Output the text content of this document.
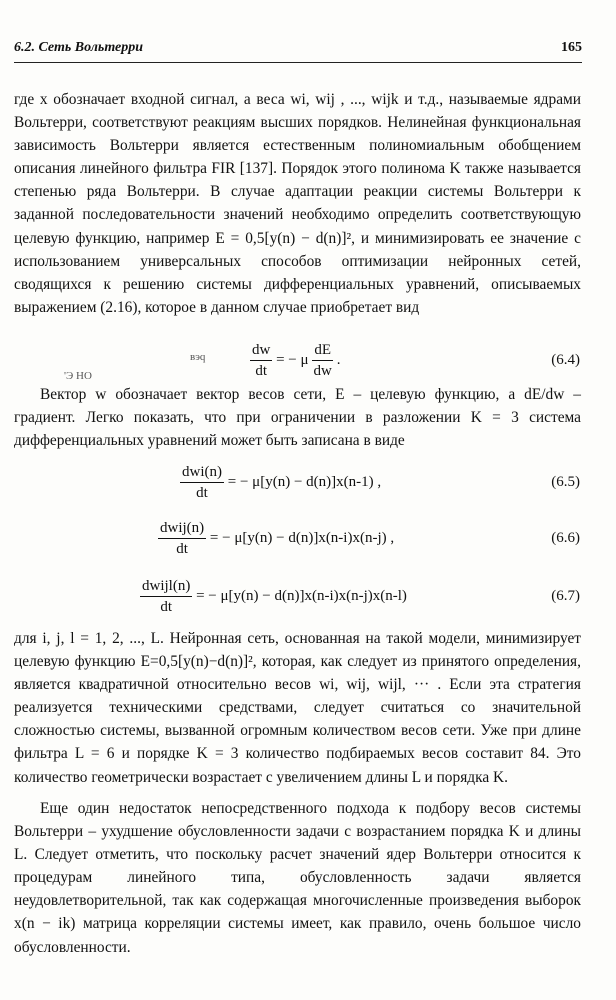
6.2. Сеть Вольтерри	165
где x обозначает входной сигнал, а веса wi, wij , ..., wijk и т.д., называемые ядрами Вольтерри, соответствуют реакциям высших порядков. Нелинейная функциональная зависимость Вольтерри является естественным полиномиальным обобщением описания линейного фильтра FIR [137]. Порядок этого полинома K также называется степенью ряда Вольтерри. В случае адаптации реакции системы Вольтерри к заданной последовательности значений необходимо определить соответствующую целевую функцию, например E = 0,5[y(n) − d(n)]², и минимизировать ее значение с использованием универсальных способов оптимизации нейронных сетей, сводящихся к решению системы дифференциальных уравнений, описываемых выражением (2.16), которое в данном случае приобретает вид
$\frac{dw}{dt}$ = − μ $\frac{dE}{dw}$ .	(6.4)
вэq
'Э НО
Вектор w обозначает вектор весов сети, E – целевую функцию, а dE/dw – градиент. Легко показать, что при ограничении в разложении K = 3 система дифференциальных уравнений может быть записана в виде
$\frac{\text{dwi(n)}}{dt}$ = − μ[y(n) − d(n)]x(n-1) ,	(6.5)
$\frac{\text{dwij(n)}}{dt}$ = − μ[y(n) − d(n)]x(n-i)x(n-j) ,	(6.6)
$\frac{\text{dwijl(n)}}{dt}$ = − μ[y(n) − d(n)]x(n-i)x(n-j)x(n-l)	(6.7)
для i, j, l = 1, 2, ..., L. Нейронная сеть, основанная на такой модели, минимизирует целевую функцию E=0,5[y(n)−d(n)]², которая, как следует из принятого определения, является квадратичной относительно весов wi, wij, wijl, ··· . Если эта стратегия реализуется техническими средствами, следует считаться со значительной сложностью системы, вызванной огромным количеством весов сети. Уже при длине фильтра L = 6 и порядке K = 3 количество подбираемых весов составит 84. Это количество геометрически возрастает с увеличением длины L и порядка K.
Еще один недостаток непосредственного подхода к подбору весов системы Вольтерри – ухудшение обусловленности задачи с возрастанием порядка K и длины L. Следует отметить, что поскольку расчет значений ядер Вольтерри относится к процедурам линейного типа, обусловленность задачи является неудовлетворительной, так как содержащая многочисленные произведения выборок x(n − ik) матрица корреляции системы имеет, как правило, очень большое число обусловленности.
